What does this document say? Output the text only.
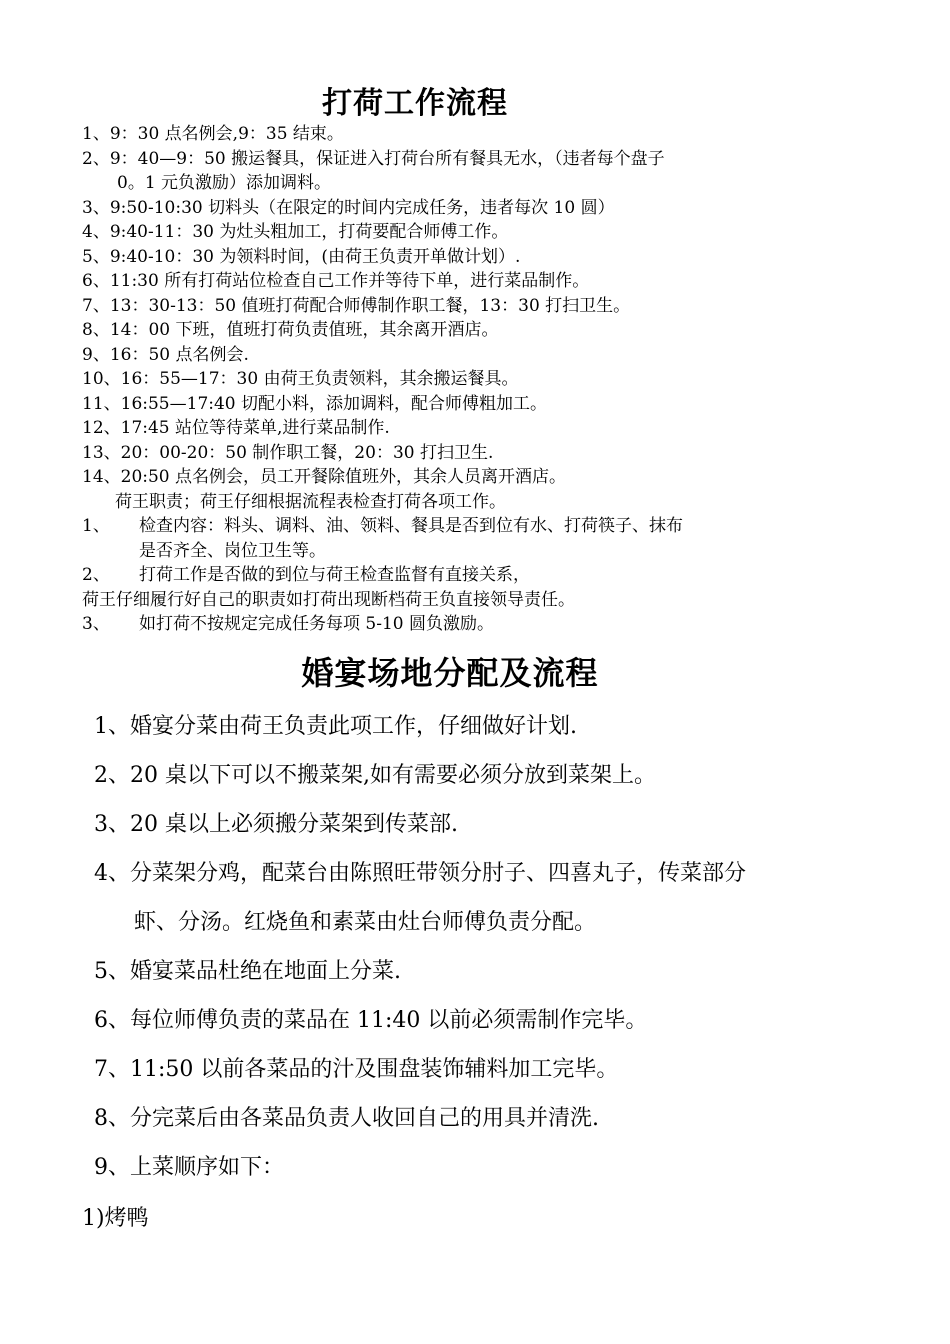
打荷工作流程
1、9：30 点名例会,9：35 结束。
2、9：40—9：50 搬运餐具，保证进入打荷台所有餐具无水，（违者每个盘子
0。1 元负激励）添加调料。
3、9:50-10:30 切料头（在限定的时间内完成任务，违者每次 10 圆）
4、9:40-11：30 为灶头粗加工，打荷要配合师傅工作。
5、9:40-10：30 为领料时间，(由荷王负责开单做计划）.
6、11:30 所有打荷站位检查自己工作并等待下单，进行菜品制作。
7、13：30-13：50 值班打荷配合师傅制作职工餐，13：30 打扫卫生。
8、14：00 下班，值班打荷负责值班，其余离开酒店。
9、16：50 点名例会.
10、16：55—17：30 由荷王负责领料，其余搬运餐具。
11、16:55—17:40 切配小料，添加调料，配合师傅粗加工。
12、17:45 站位等待菜单,进行菜品制作.
13、20：00-20：50 制作职工餐，20：30 打扫卫生.
14、20:50 点名例会，员工开餐除值班外，其余人员离开酒店。
荷王职责；荷王仔细根据流程表检查打荷各项工作。
1、	检查内容：料头、调料、油、领料、餐具是否到位有水、打荷筷子、抹布
是否齐全、岗位卫生等。
2、	打荷工作是否做的到位与荷王检查监督有直接关系，
荷王仔细履行好自己的职责如打荷出现断档荷王负直接领导责任。
3、	如打荷不按规定完成任务每项 5-10 圆负激励。
婚宴场地分配及流程
1、婚宴分菜由荷王负责此项工作，仔细做好计划.
2、20 桌以下可以不搬菜架,如有需要必须分放到菜架上。
3、20 桌以上必须搬分菜架到传菜部.
4、分菜架分鸡，配菜台由陈照旺带领分肘子、四喜丸子，传菜部分
虾、分汤。红烧鱼和素菜由灶台师傅负责分配。
5、婚宴菜品杜绝在地面上分菜.
6、每位师傅负责的菜品在 11:40 以前必须需制作完毕。
7、11:50 以前各菜品的汁及围盘装饰辅料加工完毕。
8、分完菜后由各菜品负责人收回自己的用具并清洗.
9、上菜顺序如下：
1)烤鸭
